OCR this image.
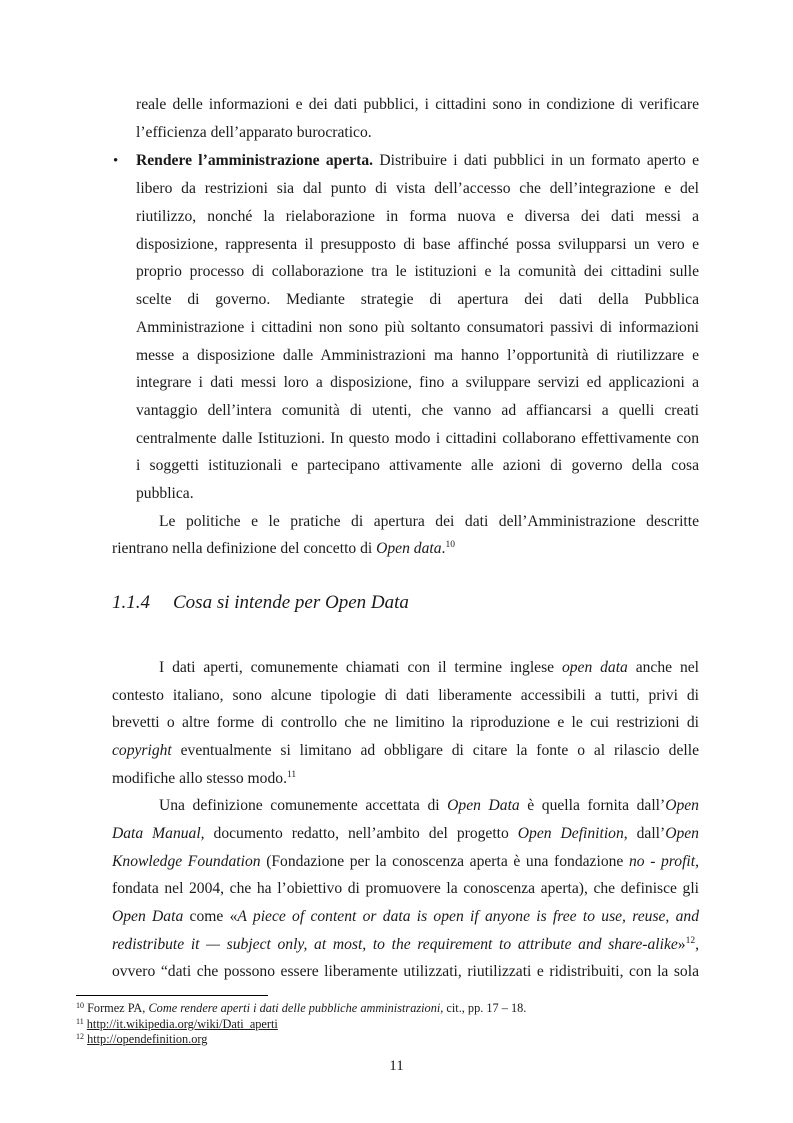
reale delle informazioni e dei dati pubblici, i cittadini sono in condizione di verificare
l’efficienza dell’apparato burocratico.
• Rendere l’amministrazione aperta. Distribuire i dati pubblici in un formato aperto e
libero da restrizioni sia dal punto di vista dell’accesso che dell’integrazione e del
riutilizzo, nonché la rielaborazione in forma nuova e diversa dei dati messi a
disposizione, rappresenta il presupposto di base affinché possa svilupparsi un vero e
proprio processo di collaborazione tra le istituzioni e la comunità dei cittadini sulle
scelte di governo. Mediante strategie di apertura dei dati della Pubblica
Amministrazione i cittadini non sono più soltanto consumatori passivi di informazioni
messe a disposizione dalle Amministrazioni ma hanno l’opportunità di riutilizzare e
integrare i dati messi loro a disposizione, fino a sviluppare servizi ed applicazioni a
vantaggio dell’intera comunità di utenti, che vanno ad affiancarsi a quelli creati
centralmente dalle Istituzioni. In questo modo i cittadini collaborano effettivamente con
i soggetti istituzionali e partecipano attivamente alle azioni di governo della cosa
pubblica.
Le politiche e le pratiche di apertura dei dati dell’Amministrazione descritte
rientrano nella definizione del concetto di Open data.$^{10}$
1.1.4 Cosa si intende per Open Data
I dati aperti, comunemente chiamati con il termine inglese open data anche nel
contesto italiano, sono alcune tipologie di dati liberamente accessibili a tutti, privi di
brevetti o altre forme di controllo che ne limitino la riproduzione e le cui restrizioni di
copyright eventualmente si limitano ad obbligare di citare la fonte o al rilascio delle
modifiche allo stesso modo.$^{11}$
Una definizione comunemente accettata di Open Data è quella fornita dall’Open
Data Manual, documento redatto, nell’ambito del progetto Open Definition, dall’Open
Knowledge Foundation (Fondazione per la conoscenza aperta è una fondazione no - profit,
fondata nel 2004, che ha l’obiettivo di promuovere la conoscenza aperta), che definisce gli
Open Data come «A piece of content or data is open if anyone is free to use, reuse, and
redistribute it — subject only, at most, to the requirement to attribute and share-alike»$^{12}$,
ovvero “dati che possono essere liberamente utilizzati, riutilizzati e ridistribuiti, con la sola
$^{10}$ Formez PA, Come rendere aperti i dati delle pubbliche amministrazioni, cit., pp. 17 – 18.
$^{11}$ http://it.wikipedia.org/wiki/Dati_aperti
$^{12}$ http://opendefinition.org
11
